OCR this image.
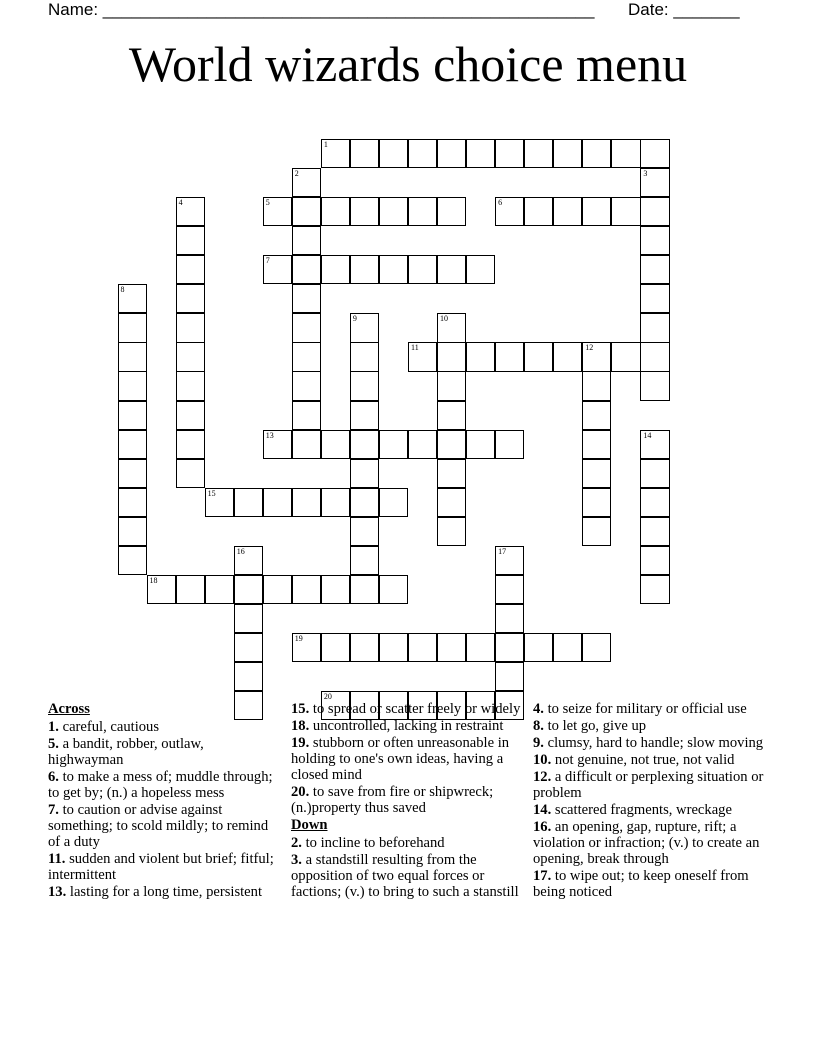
Name: ____________________________________________________ Date: _______
World wizards choice menu
1
2	3
4	5	6
7
8
9	10
11	12
13	14
15
16	17
18
19
20
Across
1. careful, cautious
5. a bandit, robber, outlaw, highwayman
6. to make a mess of; muddle through; to get by; (n.) a hopeless mess
7. to caution or advise against something; to scold mildly; to remind of a duty
11. sudden and violent but brief; fitful; intermittent
13. lasting for a long time, persistent
15. to spread or scatter freely or widely
18. uncontrolled, lacking in restraint
19. stubborn or often unreasonable in holding to one's own ideas, having a closed mind
20. to save from fire or shipwreck; (n.)property thus saved
Down
2. to incline to beforehand
3. a standstill resulting from the opposition of two equal forces or factions; (v.) to bring to such a stanstill
4. to seize for military or official use
8. to let go, give up
9. clumsy, hard to handle; slow moving
10. not genuine, not true, not valid
12. a difficult or perplexing situation or problem
14. scattered fragments, wreckage
16. an opening, gap, rupture, rift; a violation or infraction; (v.) to create an opening, break through
17. to wipe out; to keep oneself from being noticed
